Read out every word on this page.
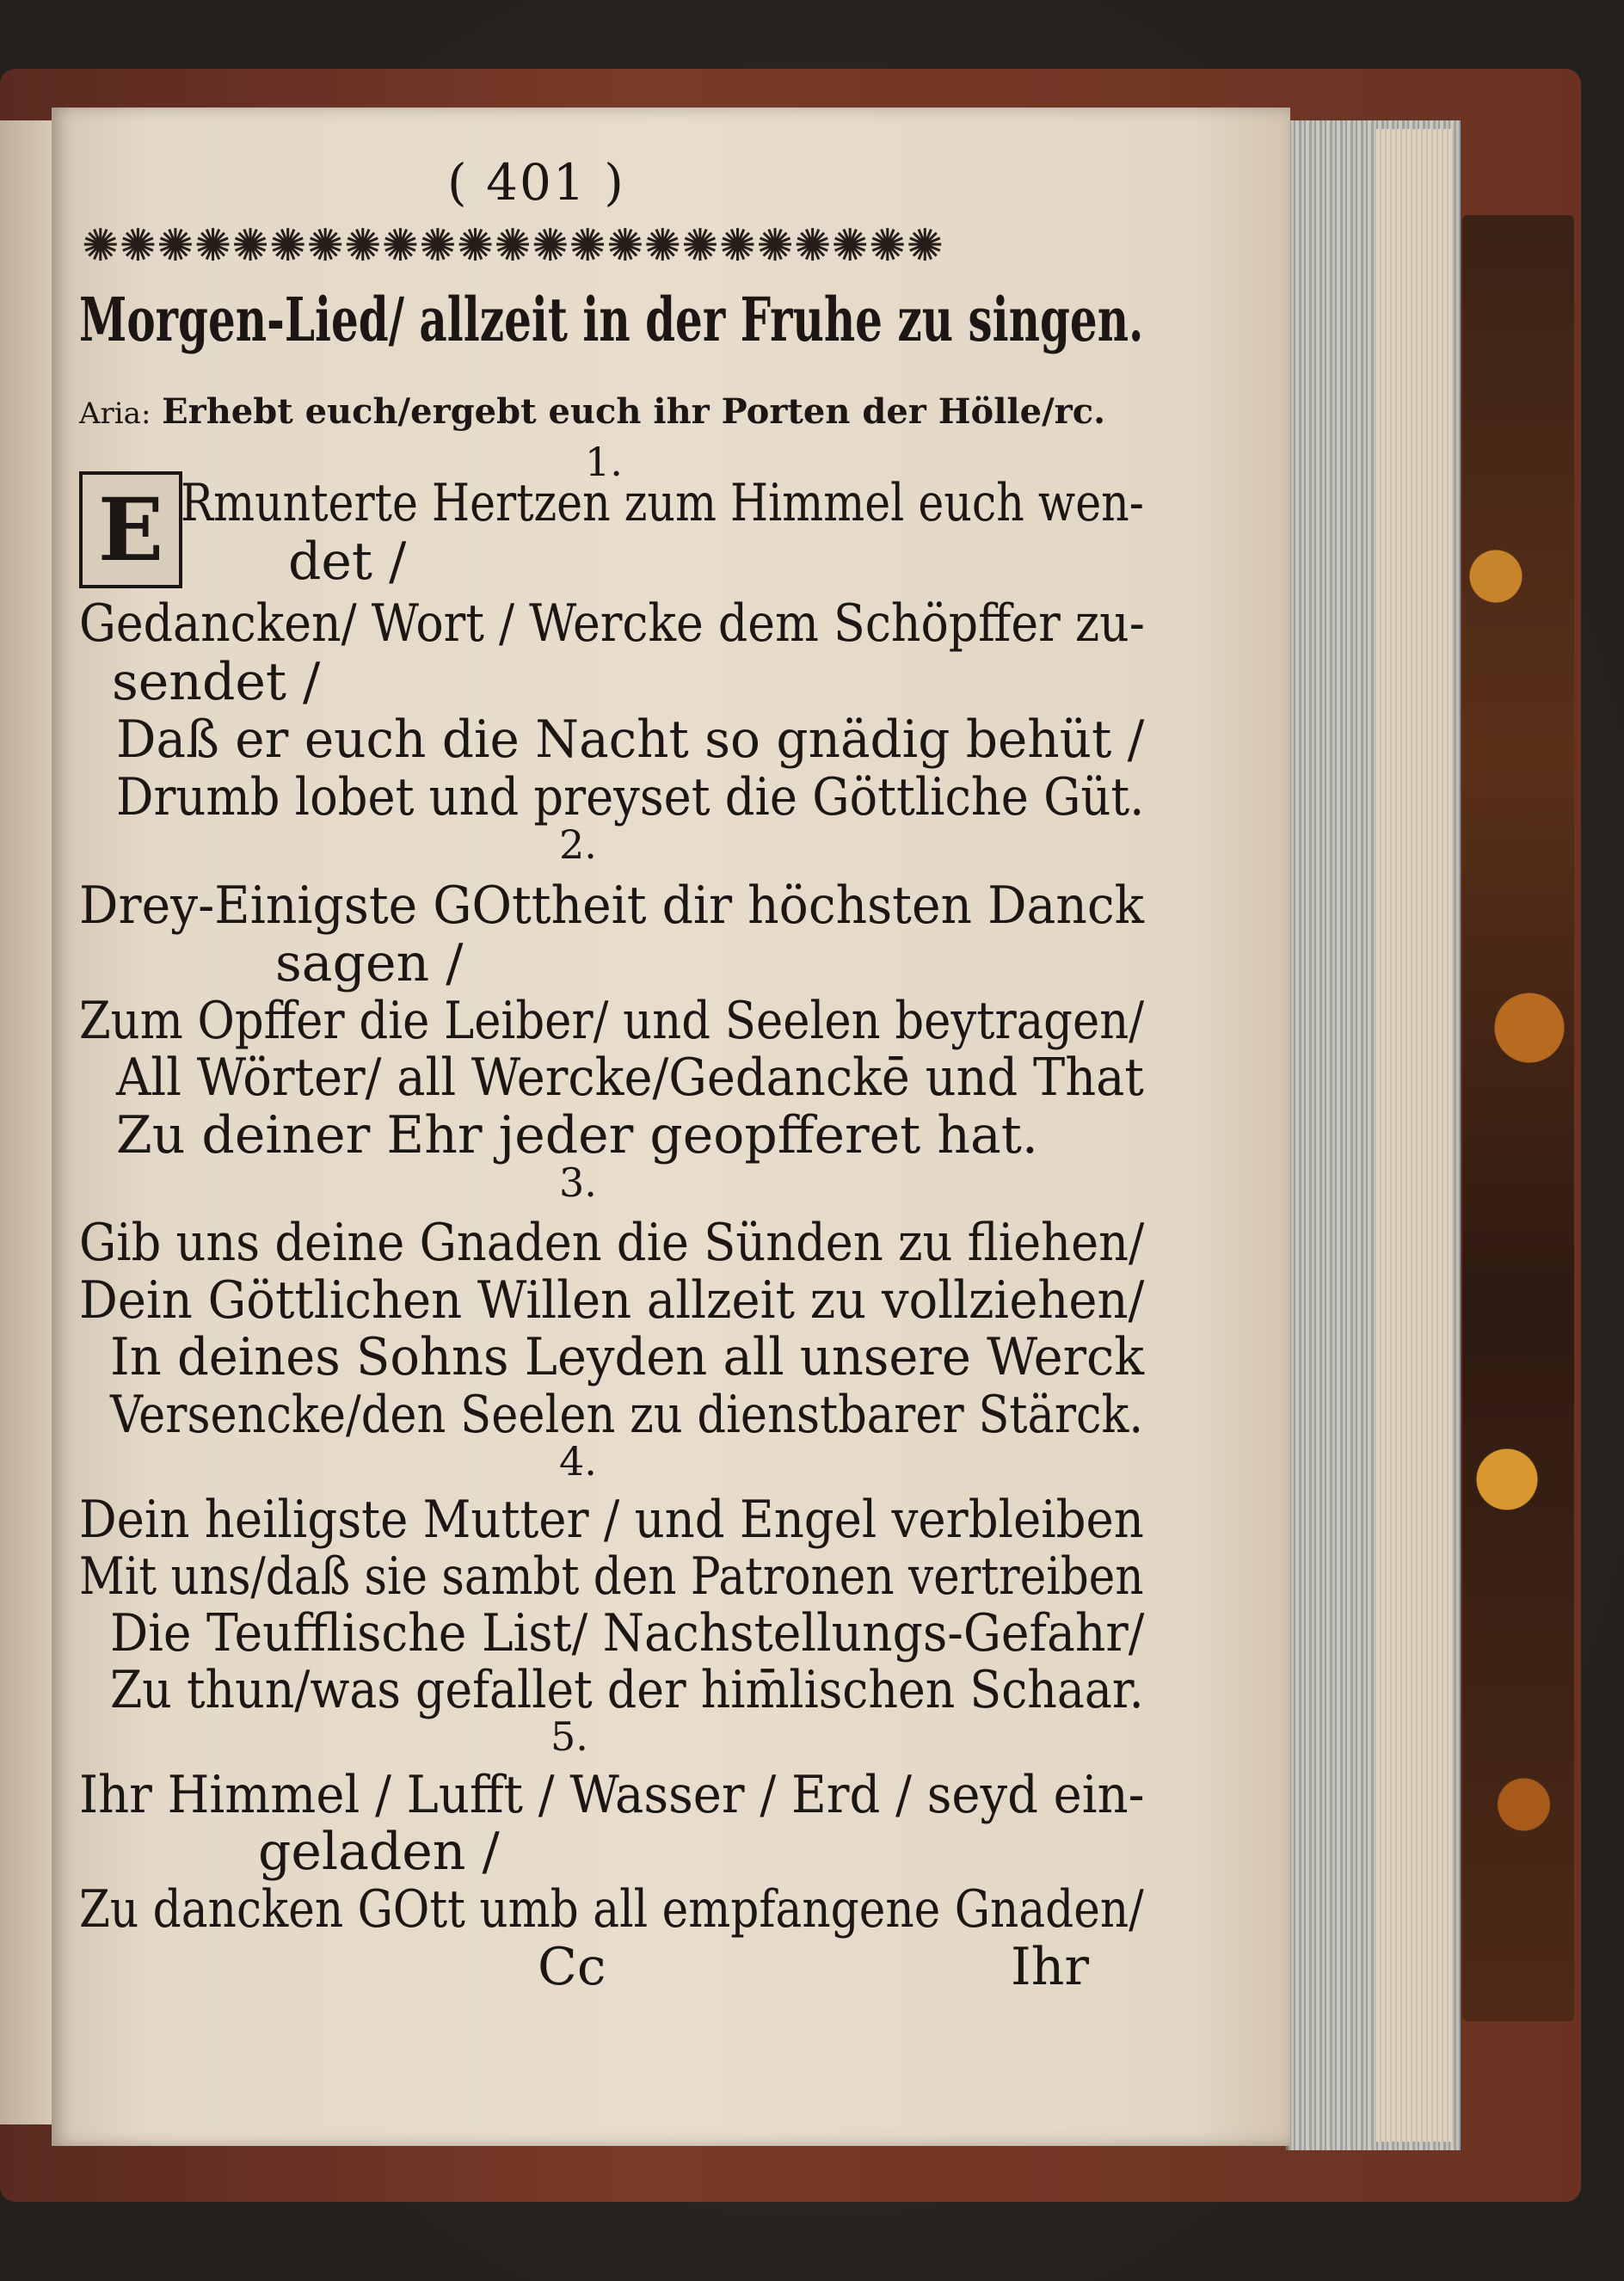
( 401 )
✺✺✺✺✺✺✺✺✺✺✺✺✺✺✺✺✺✺✺✺✺✺✺
Morgen-Lied/ allzeit in der Fruhe zu singen.
Aria: Erhebt euch/ergebt euch ihr Porten der Hölle/rc.
1.
E Rmunterte Hertzen zum Himmel euch wen-
det /
Gedancken/ Wort / Wercke dem Schöpffer zu-
sendet /
Daß er euch die Nacht so gnädig behüt /
Drumb lobet und preyset die Göttliche Güt.
2.
Drey-Einigste GOttheit dir höchsten Danck
sagen /
Zum Opffer die Leiber/ und Seelen beytragen/
All Wörter/ all Wercke/Gedanckē und That
Zu deiner Ehr jeder geopfferet hat.
3.
Gib uns deine Gnaden die Sünden zu fliehen/
Dein Göttlichen Willen allzeit zu vollziehen/
In deines Sohns Leyden all unsere Werck
Versencke/den Seelen zu dienstbarer Stärck.
4.
Dein heiligste Mutter / und Engel verbleiben
Mit uns/daß sie sambt den Patronen vertreiben
Die Teufflische List/ Nachstellungs-Gefahr/
Zu thun/was gefallet der him̄lischen Schaar.
5.
Ihr Himmel / Lufft / Wasser / Erd / seyd ein-
geladen /
Zu dancken GOtt umb all empfangene Gnaden/
Cc	Ihr
